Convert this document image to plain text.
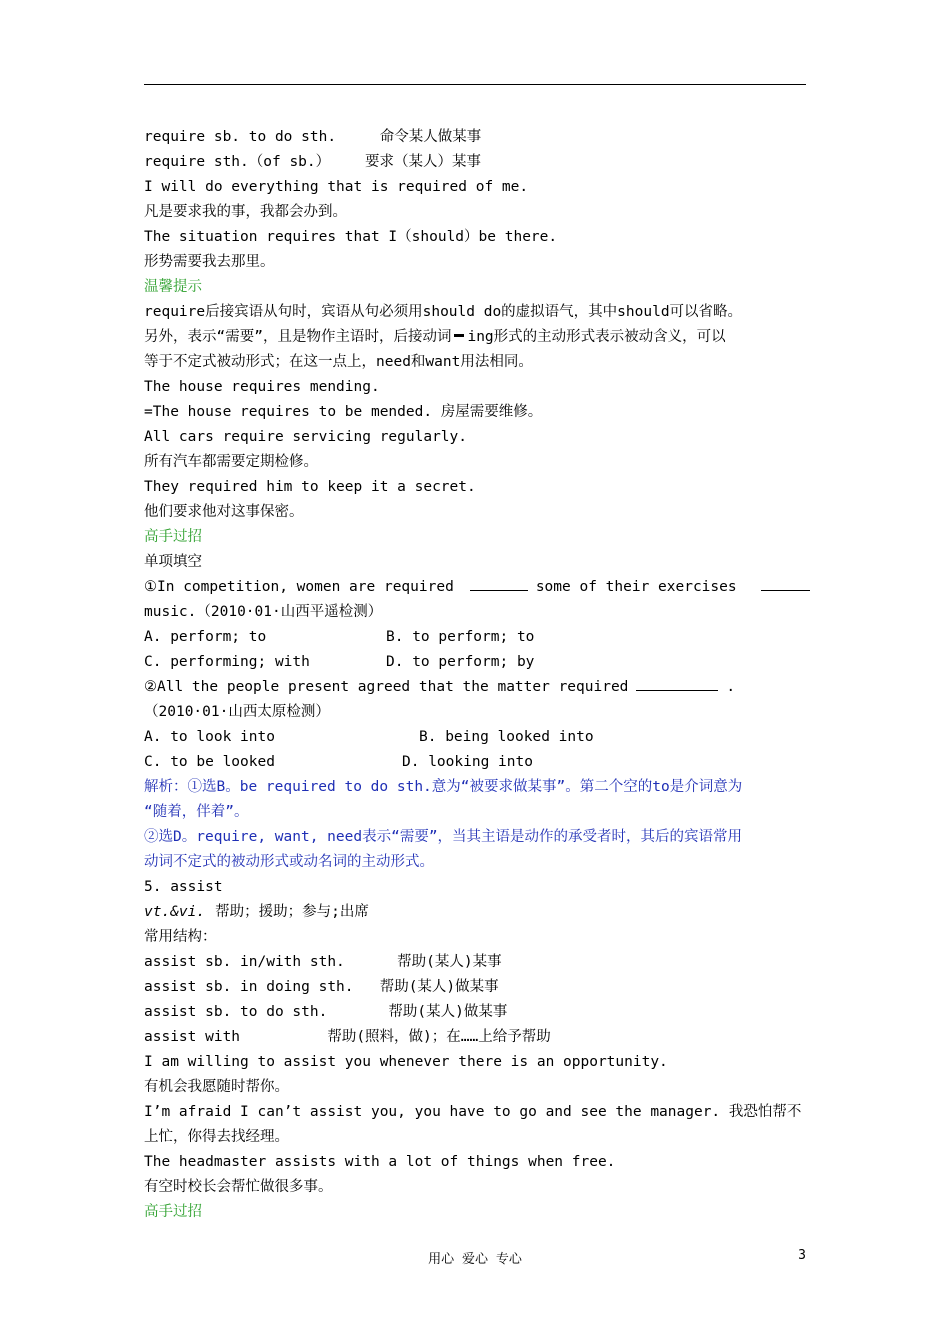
require sb. to do sth.     命令某人做某事
require sth.（of sb.）    要求（某人）某事
I will do everything that is required of me.
凡是要求我的事，我都会办到。
The situation requires that I（should）be there.
形势需要我去那里。
温馨提示
require后接宾语从句时，宾语从句必须用should do的虚拟语气，其中should可以省略。
另外，表示“需要”，且是物作主语时，后接动词 ing形式的主动形式表示被动含义，可以
等于不定式被动形式；在这一点上，need和want用法相同。
The house requires mending.
=The house requires to be mended. 房屋需要维修。
All cars require servicing regularly.
所有汽车都需要定期检修。
They required him to keep it a secret.
他们要求他对这事保密。
高手过招
单项填空
①In competition, women are required	some of their exercises
music.（2010·01·山西平遥检测）
A. perform; to	B. to perform; to
C. performing; with	D. to perform; by
②All the people present agreed that the matter required	.
（2010·01·山西太原检测）
A. to look into	B. being looked into
C. to be looked	D. looking into
解析：①选B。be required to do sth.意为“被要求做某事”。第二个空的to是介词意为
“随着，伴着”。
②选D。require, want, need表示“需要”，当其主语是动作的承受者时，其后的宾语常用
动词不定式的被动形式或动名词的主动形式。
5. assist
vt.&vi. 帮助；援助；参与;出席
常用结构：
assist sb. in/with sth.      帮助(某人)某事
assist sb. in doing sth.   帮助(某人)做某事
assist sb. to do sth.       帮助(某人)做某事
assist with          帮助(照料，做)；在……上给予帮助
I am willing to assist you whenever there is an opportunity.
有机会我愿随时帮你。
I’m afraid I can’t assist you, you have to go and see the manager. 我恐怕帮不
上忙，你得去找经理。
The headmaster assists with a lot of things when free.
有空时校长会帮忙做很多事。
高手过招
用心 爱心 专心	3
